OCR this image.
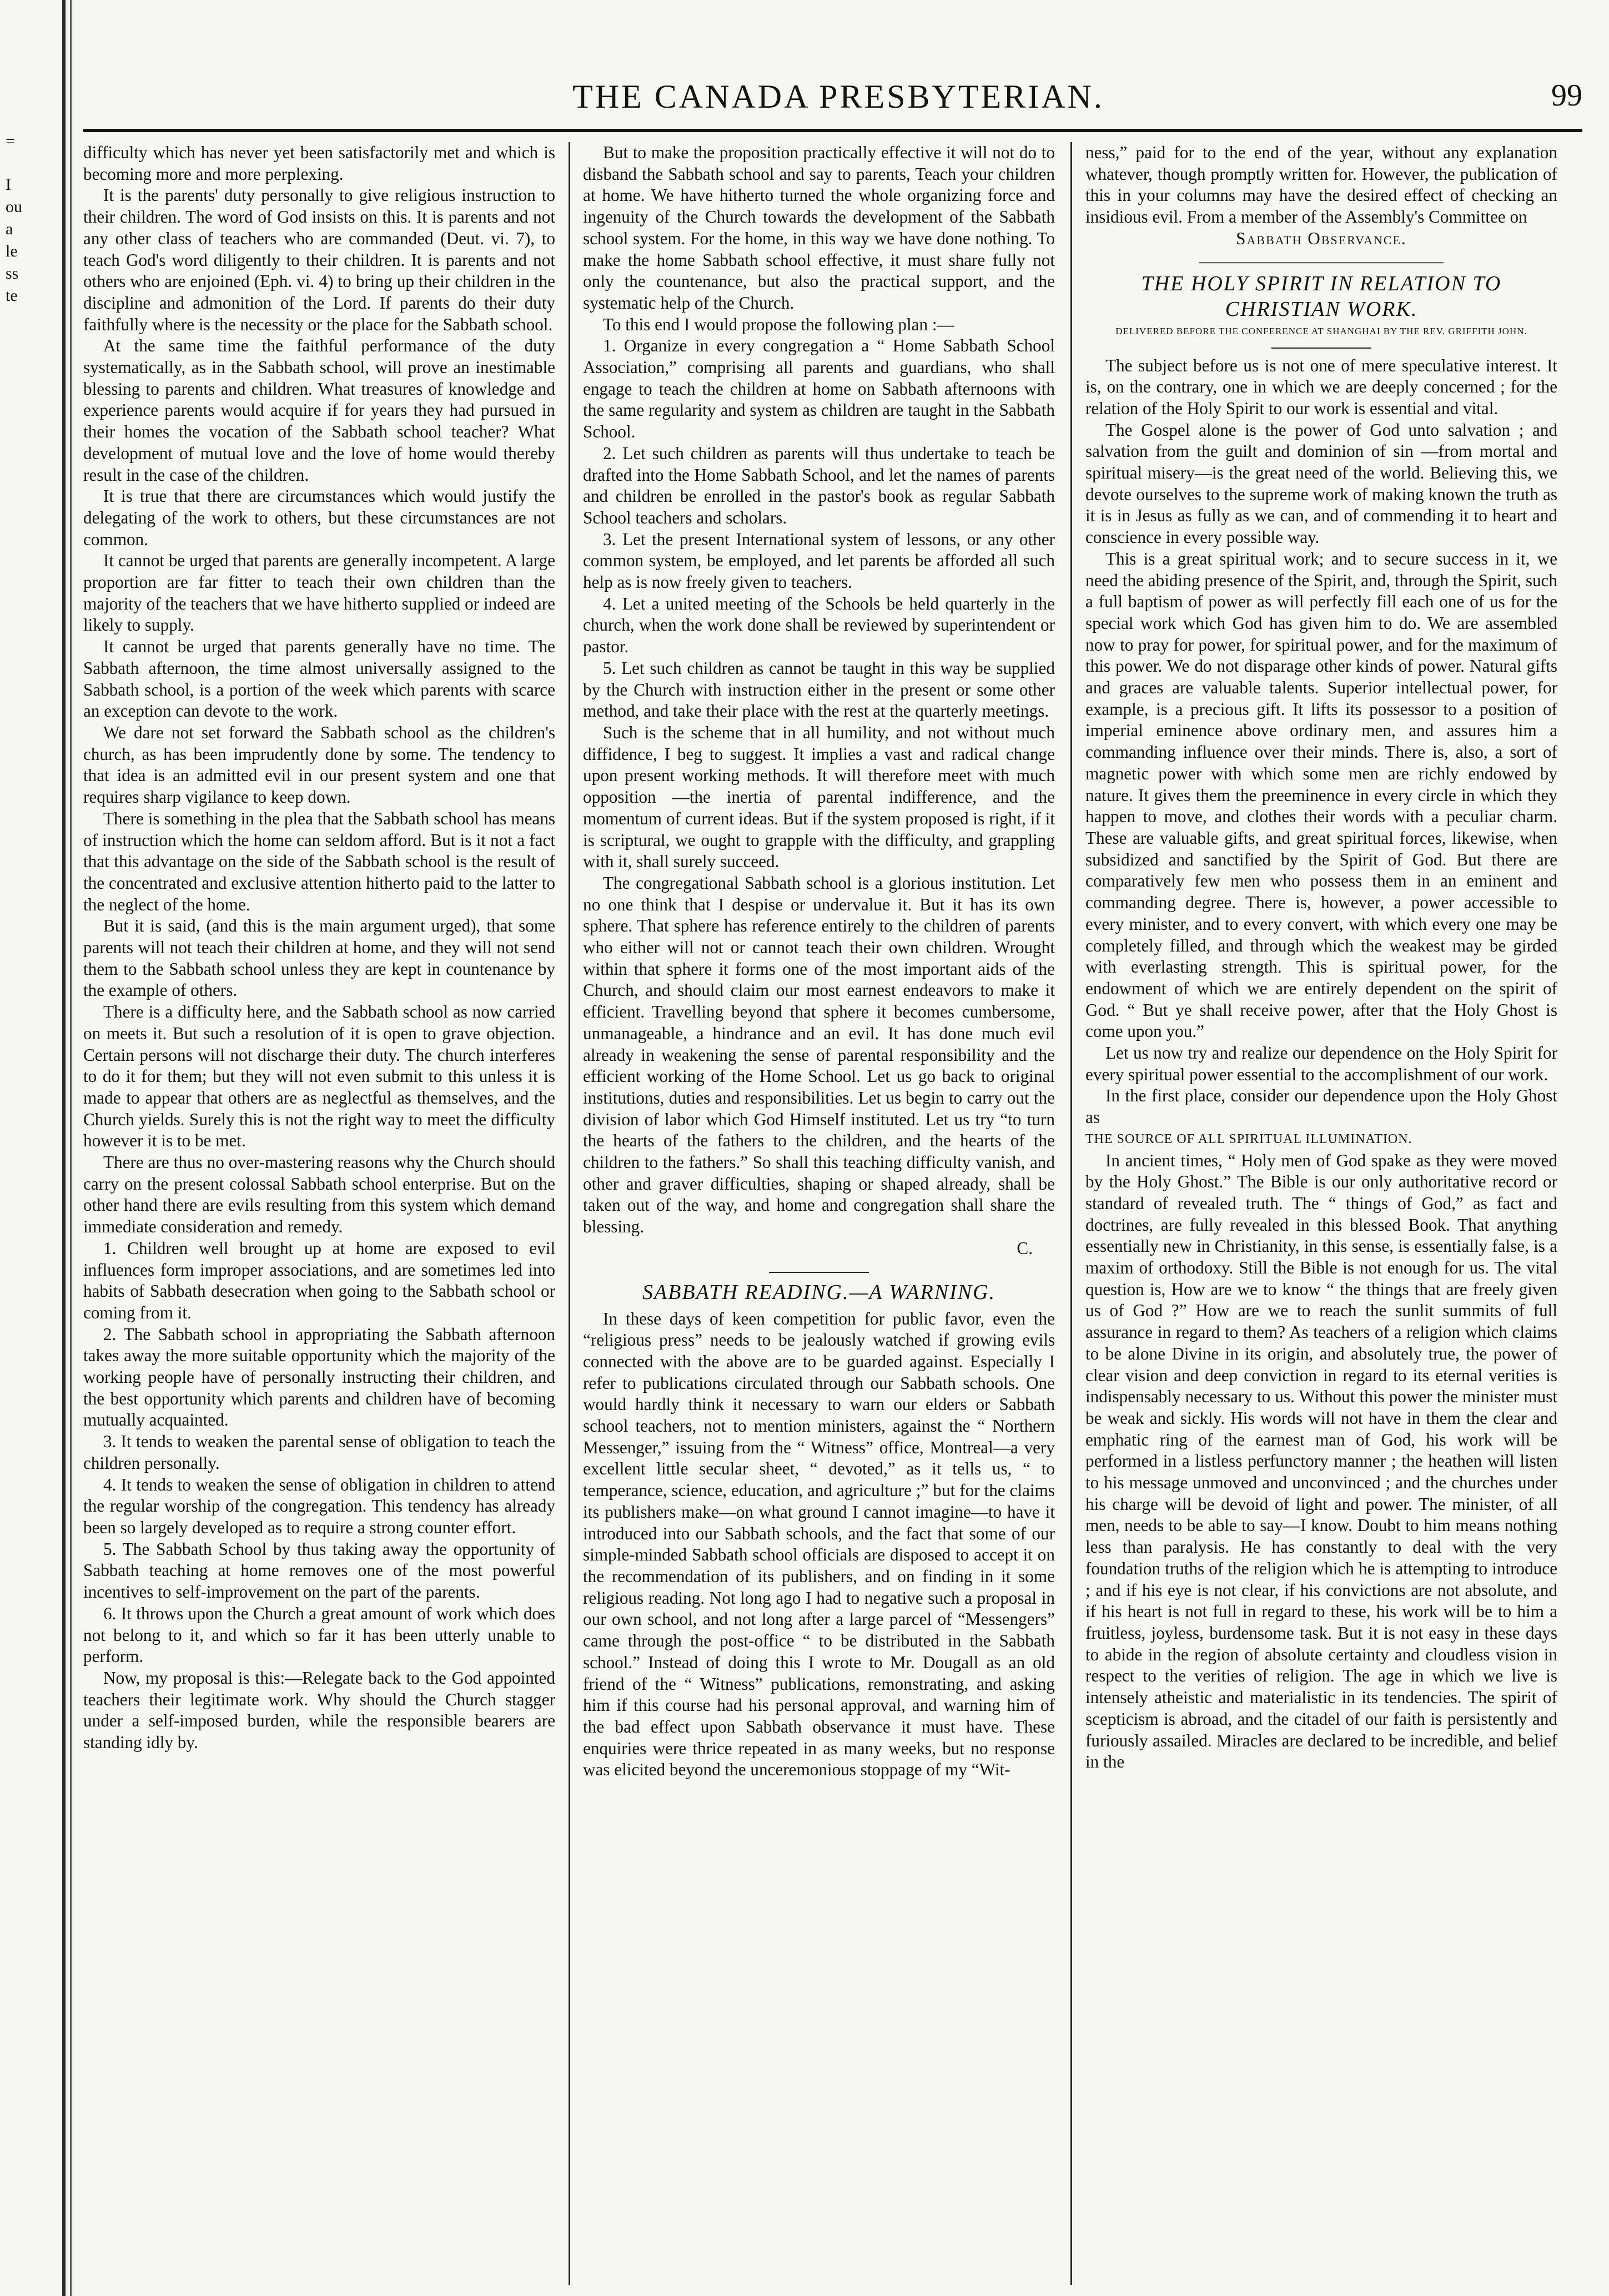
=
I
ou
a
le
ss
te
THE CANADA PRESBYTERIAN.	99

difficulty which has never yet been satisfactorily met and which is becoming more and more perplexing.

It is the parents' duty personally to give religious instruction to their children. The word of God insists on this. It is parents and not any other class of teachers who are commanded (Deut. vi. 7), to teach God's word diligently to their children. It is parents and not others who are enjoined (Eph. vi. 4) to bring up their children in the discipline and admonition of the Lord. If parents do their duty faithfully where is the necessity or the place for the Sabbath school.

At the same time the faithful performance of the duty systematically, as in the Sabbath school, will prove an inestimable blessing to parents and children. What treasures of knowledge and experience parents would acquire if for years they had pursued in their homes the vocation of the Sabbath school teacher? What development of mutual love and the love of home would thereby result in the case of the children.

It is true that there are circumstances which would justify the delegating of the work to others, but these circumstances are not common.

It cannot be urged that parents are generally incompetent. A large proportion are far fitter to teach their own children than the majority of the teachers that we have hitherto supplied or indeed are likely to supply.

It cannot be urged that parents generally have no time. The Sabbath afternoon, the time almost universally assigned to the Sabbath school, is a portion of the week which parents with scarce an exception can devote to the work.

We dare not set forward the Sabbath school as the children's church, as has been imprudently done by some. The tendency to that idea is an admitted evil in our present system and one that requires sharp vigilance to keep down.

There is something in the plea that the Sabbath school has means of instruction which the home can seldom afford. But is it not a fact that this advantage on the side of the Sabbath school is the result of the concentrated and exclusive attention hitherto paid to the latter to the neglect of the home.

But it is said, (and this is the main argument urged), that some parents will not teach their children at home, and they will not send them to the Sabbath school unless they are kept in countenance by the example of others.

There is a difficulty here, and the Sabbath school as now carried on meets it. But such a resolution of it is open to grave objection. Certain persons will not discharge their duty. The church interferes to do it for them; but they will not even submit to this unless it is made to appear that others are as neglectful as themselves, and the Church yields. Surely this is not the right way to meet the difficulty however it is to be met.

There are thus no over-mastering reasons why the Church should carry on the present colossal Sabbath school enterprise. But on the other hand there are evils resulting from this system which demand immediate consideration and remedy.

1. Children well brought up at home are exposed to evil influences form improper associations, and are sometimes led into habits of Sabbath desecration when going to the Sabbath school or coming from it.

2. The Sabbath school in appropriating the Sabbath afternoon takes away the more suitable opportunity which the majority of the working people have of personally instructing their children, and the best opportunity which parents and children have of becoming mutually acquainted.

3. It tends to weaken the parental sense of obligation to teach the children personally.

4. It tends to weaken the sense of obligation in children to attend the regular worship of the congregation. This tendency has already been so largely developed as to require a strong counter effort.

5. The Sabbath School by thus taking away the opportunity of Sabbath teaching at home removes one of the most powerful incentives to self-improvement on the part of the parents.

6. It throws upon the Church a great amount of work which does not belong to it, and which so far it has been utterly unable to perform.

Now, my proposal is this:—Relegate back to the God appointed teachers their legitimate work. Why should the Church stagger under a self-imposed burden, while the responsible bearers are standing idly by.

But to make the proposition practically effective it will not do to disband the Sabbath school and say to parents, Teach your children at home. We have hitherto turned the whole organizing force and ingenuity of the Church towards the development of the Sabbath school system. For the home, in this way we have done nothing. To make the home Sabbath school effective, it must share fully not only the countenance, but also the practical support, and the systematic help of the Church.

To this end I would propose the following plan :—

1. Organize in every congregation a “ Home Sabbath School Association,” comprising all parents and guardians, who shall engage to teach the children at home on Sabbath afternoons with the same regularity and system as children are taught in the Sabbath School.

2. Let such children as parents will thus undertake to teach be drafted into the Home Sabbath School, and let the names of parents and children be enrolled in the pastor's book as regular Sabbath School teachers and scholars.

3. Let the present International system of lessons, or any other common system, be employed, and let parents be afforded all such help as is now freely given to teachers.

4. Let a united meeting of the Schools be held quarterly in the church, when the work done shall be reviewed by superintendent or pastor.

5. Let such children as cannot be taught in this way be supplied by the Church with instruction either in the present or some other method, and take their place with the rest at the quarterly meetings.

Such is the scheme that in all humility, and not without much diffidence, I beg to suggest. It implies a vast and radical change upon present working methods. It will therefore meet with much opposition —the inertia of parental indifference, and the momentum of current ideas. But if the system proposed is right, if it is scriptural, we ought to grapple with the difficulty, and grappling with it, shall surely succeed.

The congregational Sabbath school is a glorious institution. Let no one think that I despise or undervalue it. But it has its own sphere. That sphere has reference entirely to the children of parents who either will not or cannot teach their own children. Wrought within that sphere it forms one of the most important aids of the Church, and should claim our most earnest endeavors to make it efficient. Travelling beyond that sphere it becomes cumbersome, unmanageable, a hindrance and an evil. It has done much evil already in weakening the sense of parental responsibility and the efficient working of the Home School. Let us go back to original institutions, duties and responsibilities. Let us begin to carry out the division of labor which God Himself instituted. Let us try “to turn the hearts of the fathers to the children, and the hearts of the children to the fathers.” So shall this teaching difficulty vanish, and other and graver difficulties, shaping or shaped already, shall be taken out of the way, and home and congregation shall share the blessing.

C.

SABBATH READING.—A WARNING.

In these days of keen competition for public favor, even the “religious press” needs to be jealously watched if growing evils connected with the above are to be guarded against. Especially I refer to publications circulated through our Sabbath schools. One would hardly think it necessary to warn our elders or Sabbath school teachers, not to mention ministers, against the “ Northern Messenger,” issuing from the “ Witness” office, Montreal—a very excellent little secular sheet, “ devoted,” as it tells us, “ to temperance, science, education, and agriculture ;” but for the claims its publishers make—on what ground I cannot imagine—to have it introduced into our Sabbath schools, and the fact that some of our simple-minded Sabbath school officials are disposed to accept it on the recommendation of its publishers, and on finding in it some religious reading. Not long ago I had to negative such a proposal in our own school, and not long after a large parcel of “Messengers” came through the post-office “ to be distributed in the Sabbath school.” Instead of doing this I wrote to Mr. Dougall as an old friend of the “ Witness” publications, remonstrating, and asking him if this course had his personal approval, and warning him of the bad effect upon Sabbath observance it must have. These enquiries were thrice repeated in as many weeks, but no response was elicited beyond the unceremonious stoppage of my “Wit-

ness,” paid for to the end of the year, without any explanation whatever, though promptly written for. However, the publication of this in your columns may have the desired effect of checking an insidious evil. From a member of the Assembly's Committee on

Sabbath Observance.

THE HOLY SPIRIT IN RELATION TO CHRISTIAN WORK.
DELIVERED BEFORE THE CONFERENCE AT SHANGHAI BY THE REV. GRIFFITH JOHN.

The subject before us is not one of mere speculative interest. It is, on the contrary, one in which we are deeply concerned ; for the relation of the Holy Spirit to our work is essential and vital.

The Gospel alone is the power of God unto salvation ; and salvation from the guilt and dominion of sin —from mortal and spiritual misery—is the great need of the world. Believing this, we devote ourselves to the supreme work of making known the truth as it is in Jesus as fully as we can, and of commending it to heart and conscience in every possible way.

This is a great spiritual work; and to secure success in it, we need the abiding presence of the Spirit, and, through the Spirit, such a full baptism of power as will perfectly fill each one of us for the special work which God has given him to do. We are assembled now to pray for power, for spiritual power, and for the maximum of this power. We do not disparage other kinds of power. Natural gifts and graces are valuable talents. Superior intellectual power, for example, is a precious gift. It lifts its possessor to a position of imperial eminence above ordinary men, and assures him a commanding influence over their minds. There is, also, a sort of magnetic power with which some men are richly endowed by nature. It gives them the preeminence in every circle in which they happen to move, and clothes their words with a peculiar charm. These are valuable gifts, and great spiritual forces, likewise, when subsidized and sanctified by the Spirit of God. But there are comparatively few men who possess them in an eminent and commanding degree. There is, however, a power accessible to every minister, and to every convert, with which every one may be completely filled, and through which the weakest may be girded with everlasting strength. This is spiritual power, for the endowment of which we are entirely dependent on the spirit of God. “ But ye shall receive power, after that the Holy Ghost is come upon you.”

Let us now try and realize our dependence on the Holy Spirit for every spiritual power essential to the accomplishment of our work.

In the first place, consider our dependence upon the Holy Ghost as

THE SOURCE OF ALL SPIRITUAL ILLUMINATION.

In ancient times, “ Holy men of God spake as they were moved by the Holy Ghost.” The Bible is our only authoritative record or standard of revealed truth. The “ things of God,” as fact and doctrines, are fully revealed in this blessed Book. That anything essentially new in Christianity, in this sense, is essentially false, is a maxim of orthodoxy. Still the Bible is not enough for us. The vital question is, How are we to know “ the things that are freely given us of God ?” How are we to reach the sunlit summits of full assurance in regard to them? As teachers of a religion which claims to be alone Divine in its origin, and absolutely true, the power of clear vision and deep conviction in regard to its eternal verities is indispensably necessary to us. Without this power the minister must be weak and sickly. His words will not have in them the clear and emphatic ring of the earnest man of God, his work will be performed in a listless perfunctory manner ; the heathen will listen to his message unmoved and unconvinced ; and the churches under his charge will be devoid of light and power. The minister, of all men, needs to be able to say—I know. Doubt to him means nothing less than paralysis. He has constantly to deal with the very foundation truths of the religion which he is attempting to introduce ; and if his eye is not clear, if his convictions are not absolute, and if his heart is not full in regard to these, his work will be to him a fruitless, joyless, burdensome task. But it is not easy in these days to abide in the region of absolute certainty and cloudless vision in respect to the verities of religion. The age in which we live is intensely atheistic and materialistic in its tendencies. The spirit of scepticism is abroad, and the citadel of our faith is persistently and furiously assailed. Miracles are declared to be incredible, and belief in the
